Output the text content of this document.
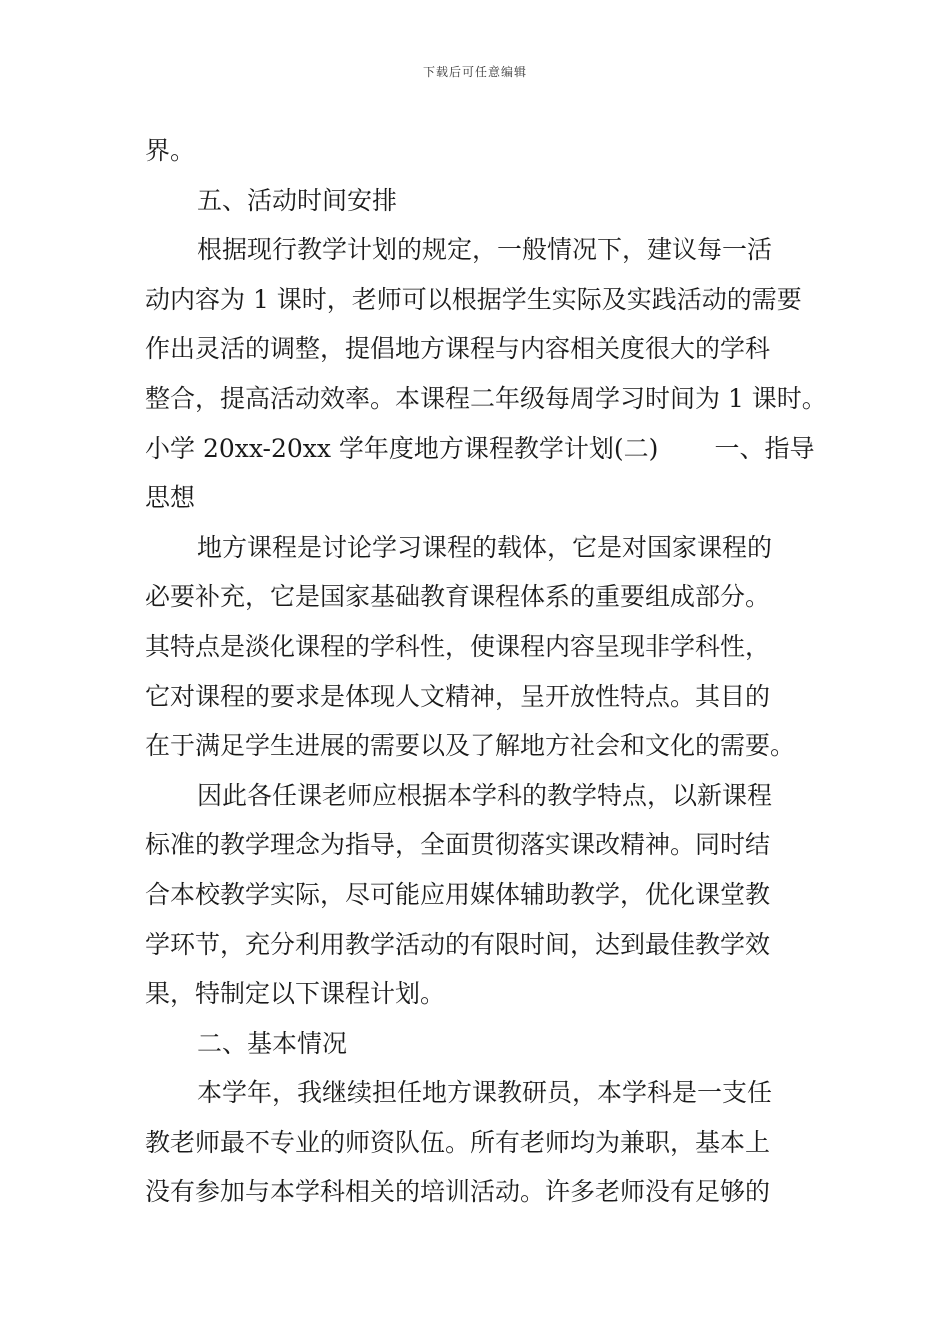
下载后可任意编辑
界。
五、活动时间安排
根据现行教学计划的规定，一般情况下，建议每一活
动内容为 1 课时，老师可以根据学生实际及实践活动的需要
作出灵活的调整，提倡地方课程与内容相关度很大的学科
整合，提高活动效率。本课程二年级每周学习时间为 1 课时。
小学 20xx-20xx 学年度地方课程教学计划(二) 一、指导
思想
地方课程是讨论学习课程的载体，它是对国家课程的
必要补充，它是国家基础教育课程体系的重要组成部分。
其特点是淡化课程的学科性，使课程内容呈现非学科性，
它对课程的要求是体现人文精神，呈开放性特点。其目的
在于满足学生进展的需要以及了解地方社会和文化的需要。
因此各任课老师应根据本学科的教学特点，以新课程
标准的教学理念为指导，全面贯彻落实课改精神。同时结
合本校教学实际，尽可能应用媒体辅助教学，优化课堂教
学环节，充分利用教学活动的有限时间，达到最佳教学效
果，特制定以下课程计划。
二、基本情况
本学年，我继续担任地方课教研员，本学科是一支任
教老师最不专业的师资队伍。所有老师均为兼职，基本上
没有参加与本学科相关的培训活动。许多老师没有足够的
